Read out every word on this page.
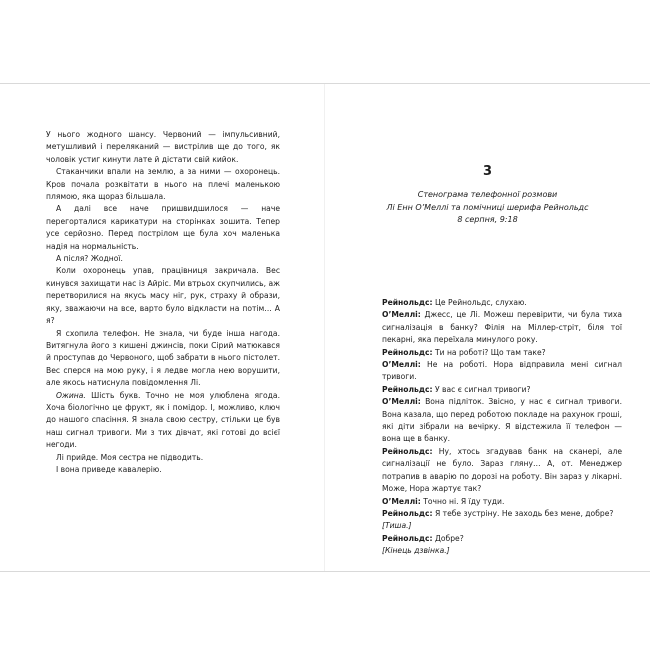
У нього жодного шансу. Червоний — імпульсивний, метушливий і переляканий — вистрілив ще до того, як чоловік устиг кинути лате й дістати свій кийок.

Стаканчики впали на землю, а за ними — охоронець. Кров почала розквітати в нього на плечі маленькою плямою, яка щораз більшала.

А далі все наче пришвидшилося — наче перегорталися карикатури на сторінках зошита. Тепер усе серйозно. Перед пострілом ще була хоч маленька надія на нормальність.

А після? Жодної.

Коли охоронець упав, працівниця закричала. Вес кинувся захищати нас із Айріс. Ми втрьох скупчились, аж перетворилися на якусь масу ніг, рук, страху й образи, яку, зважаючи на все, варто було відкласти на потім… А я?

Я схопила телефон. Не знала, чи буде інша нагода. Витягнула його з кишені джинсів, поки Сірий матюкався й проступав до Червоного, щоб забрати в нього пістолет. Вес сперся на мою руку, і я ледве могла нею ворушити, але якось натиснула повідомлення Лі.

Ожина. Шість букв. Точно не моя улюблена ягода. Хоча біологічно це фрукт, як і помідор. І, можливо, ключ до нашого спасіння. Я знала свою сестру, стільки це був наш сигнал тривоги. Ми з тих дівчат, які готові до всієї негоди.

Лі прийде. Моя сестра не підводить.

І вона приведе кавалерію.

3
Стенограма телефонної розмови
Лі Енн О’Меллі та помічниці шерифа Рейнольдс
8 серпня, 9:18

Рейнольдс: Це Рейнольдс, слухаю.

О’Меллі: Джесс, це Лі. Можеш перевірити, чи була тиха сигналізація в банку? Філія на Міллер-стріт, біля тої пекарні, яка переїхала минулого року.

Рейнольдс: Ти на роботі? Що там таке?

О’Меллі: Не на роботі. Нора відправила мені сигнал тривоги.

Рейнольдс: У вас є сигнал тривоги?

О’Меллі: Вона підліток. Звісно, у нас є сигнал тривоги. Вона казала, що перед роботою покладе на рахунок гроші, які діти зібрали на вечірку. Я відстежила її телефон — вона ще в банку.

Рейнольдс: Ну, хтось згадував банк на сканері, але сигналізації не було. Зараз гляну… А, от. Менеджер потрапив в аварію по дорозі на роботу. Він зараз у лікарні. Може, Нора жартує так?

О’Меллі: Точно ні. Я їду туди.

Рейнольдс: Я тебе зустріну. Не заходь без мене, добре?

[Тиша.]

Рейнольдс: Добре?

[Кінець дзвінка.]
